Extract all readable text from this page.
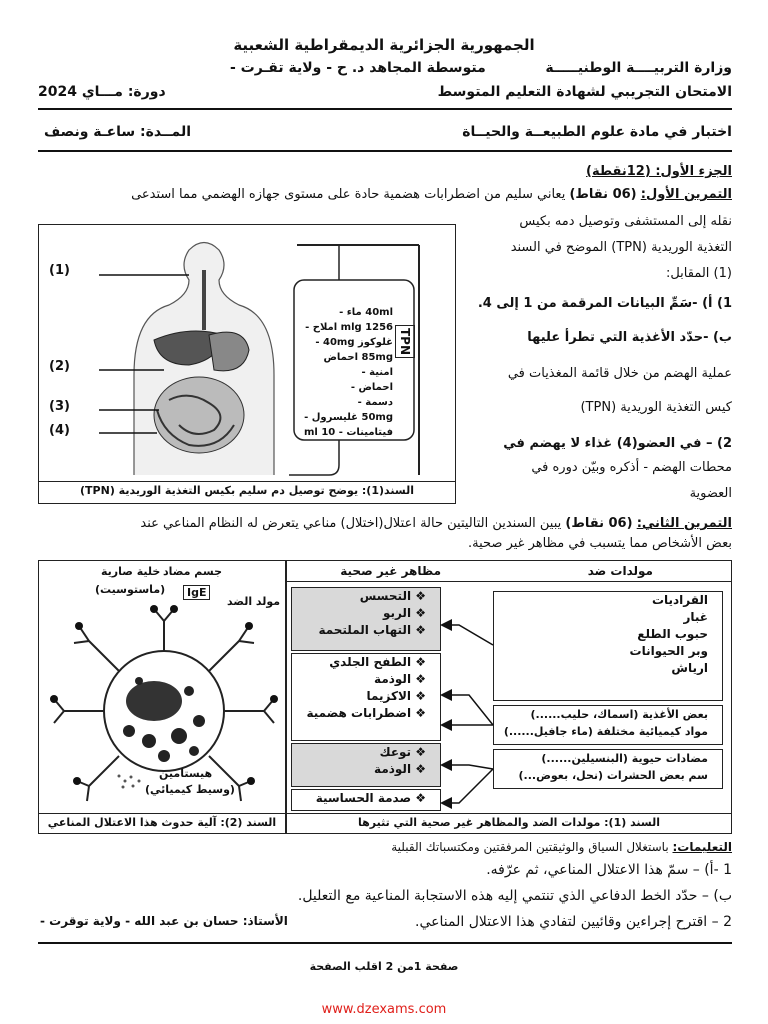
الجمهورية الجزائرية الديمقراطية الشعبية
وزارة التربيــــة الوطنيـــــة
متوسطة المجاهد د. ح - ولاية تقـرت -
الامتحان التجريبي لشهادة التعليم المتوسط
دورة: مـــاي 2024
اختبار في مادة علوم الطبيعــة والحيــاة
المــدة: ساعـة ونصف
الجزء الأول: (12نقطة)
التمرين الأول: (06 نقاط) يعاني سليم من اضطرابات هضمية حادة على مستوى جهازه الهضمي مما استدعى
نقله إلى المستشفى وتوصيل دمه بكيس
التغذية الوريدية (TPN) الموضح في السند
(1) المقابل:
1) أ) -سَمِّ البيانات المرقمة من 1 إلى 4.
ب) -حدّد الأغذية التي تطرأ عليها
عملية الهضم من خلال قائمة المغذيات في
كيس التغذية الوريدية (TPN)
2) – في العضو(4) غذاء لا يهضم في
محطات الهضم - أذكره وبيّن دوره في
العضوية
(1)
(2)
(3)
(4)
TPN
40ml ماء -
1256 mlg املاح -
غلوكوز 40mg -
85mg احماض امنية -
احماض -
دسمة -
50mg غليسرول -
فيتامينات - 10 ml
السند(1): يوضح توصيل دم سليم بكيس التغذية الوريدية (TPN)
التمرين الثاني: (06 نقاط) يبين السندين التاليتين حالة اعتلال(اختلال) مناعي يتعرض له النظام المناعي عند
بعض الأشخاص مما يتسبب في مظاهر غير صحية.
جسم مضاد
خلية صارية
(ماستوسيت)	IgE
مولد الضد
هيستامين
(وسيط كيميائي)
السند (2): آلية حدوث هذا الاعتلال المناعي
مولدات ضد
مظاهر غير صحية
القراديات
غبار
حبوب الطلع
وبر الحيوانات
ارياش
بعض الأغذية (اسماك، حليب......)
مواد كيميائية مختلفة (ماء جافيل......)
مضادات حيوية (البنسيلين......)
سم بعض الحشرات (نحل، بعوض...)
❖ التحسس
❖ الربو
❖ التهاب الملتحمة
❖ الطفح الجلدي
❖ الوذمة
❖ الاكزيما
❖ اضطرابات هضمية
❖ توعك
❖ الوذمة
❖ صدمة الحساسية
السند (1): مولدات الضد والمظاهر غير صحية التي تثيرها
التعليمات: باستغلال السياق والوثيقتين المرفقتين ومكتسباتك القبلية
1 -أ) – سمّ هذا الاعتلال المناعي، ثم عرّفه.
ب) – حدّد الخط الدفاعي الذي تنتمي إليه هذه الاستجابة المناعية مع التعليل.
2 – اقترح إجراءين وقائيين لتفادي هذا الاعتلال المناعي.
الأستاذ: حسان بن عبد الله - ولاية توقرت -
صفحة 1من 2 اقلب الصفحة
www.dzexams.com
